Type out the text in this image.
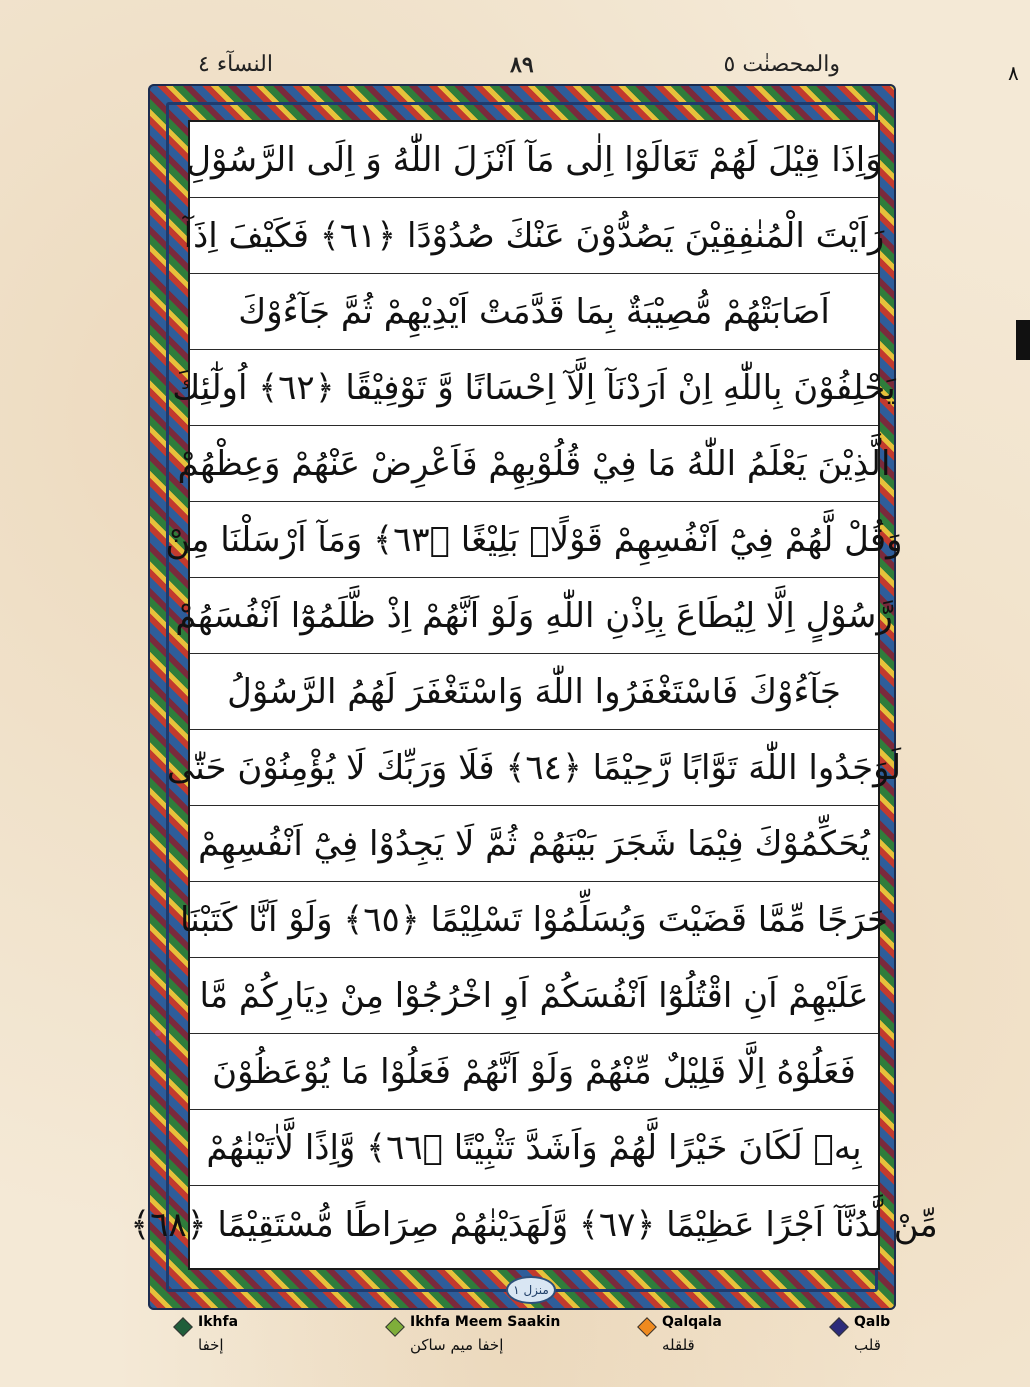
النسآء ٤	٨٩	والمحصنٰت ٥	٨
وَاِذَا قِيْلَ لَهُمْ تَعَالَوْا اِلٰى مَآ اَنْزَلَ اللّٰهُ وَ اِلَى الرَّسُوْلِ
رَاَيْتَ الْمُنٰفِقِيْنَ يَصُدُّوْنَ عَنْكَ صُدُوْدًا ﴿٦١﴾ فَكَيْفَ اِذَآ
اَصَابَتْهُمْ مُّصِيْبَةٌ بِمَا قَدَّمَتْ اَيْدِيْهِمْ ثُمَّ جَآءُوْكَ
يَحْلِفُوْنَ بِاللّٰهِ اِنْ اَرَدْنَآ اِلَّآ اِحْسَانًا وَّ تَوْفِيْقًا ﴿٦٢﴾ اُولٰٓئِكَ
الَّذِيْنَ يَعْلَمُ اللّٰهُ مَا فِيْ قُلُوْبِهِمْ فَاَعْرِضْ عَنْهُمْ وَعِظْهُمْ
وَقُلْ لَّهُمْ فِيْٓ اَنْفُسِهِمْ قَوْلًاۢ بَلِيْغًا ﴿٦٣﴾ وَمَآ اَرْسَلْنَا مِنْ
رَّسُوْلٍ اِلَّا لِيُطَاعَ بِاِذْنِ اللّٰهِ وَلَوْ اَنَّهُمْ اِذْ ظَّلَمُوْٓا اَنْفُسَهُمْ
جَآءُوْكَ فَاسْتَغْفَرُوا اللّٰهَ وَاسْتَغْفَرَ لَهُمُ الرَّسُوْلُ
لَوَجَدُوا اللّٰهَ تَوَّابًا رَّحِيْمًا ﴿٦٤﴾ فَلَا وَرَبِّكَ لَا يُؤْمِنُوْنَ حَتّٰى
يُحَكِّمُوْكَ فِيْمَا شَجَرَ بَيْنَهُمْ ثُمَّ لَا يَجِدُوْا فِيْٓ اَنْفُسِهِمْ
حَرَجًا مِّمَّا قَضَيْتَ وَيُسَلِّمُوْا تَسْلِيْمًا ﴿٦٥﴾ وَلَوْ اَنَّا كَتَبْنَا
عَلَيْهِمْ اَنِ اقْتُلُوْٓا اَنْفُسَكُمْ اَوِ اخْرُجُوْا مِنْ دِيَارِكُمْ مَّا
فَعَلُوْهُ اِلَّا قَلِيْلٌ مِّنْهُمْ وَلَوْ اَنَّهُمْ فَعَلُوْا مَا يُوْعَظُوْنَ
بِهٖ لَكَانَ خَيْرًا لَّهُمْ وَاَشَدَّ تَثْبِيْتًا ﴿٦٦﴾ وَّاِذًا لَّاٰتَيْنٰهُمْ
مِّنْ لَّدُنَّآ اَجْرًا عَظِيْمًا ﴿٦٧﴾ وَّلَهَدَيْنٰهُمْ صِرَاطًا مُّسْتَقِيْمًا ﴿٦٨﴾
منزل ١
Ikhfa
إخفا
Ikhfa Meem Saakin
إخفا ميم ساكن
Qalqala
قلقله
Qalb
قلب
